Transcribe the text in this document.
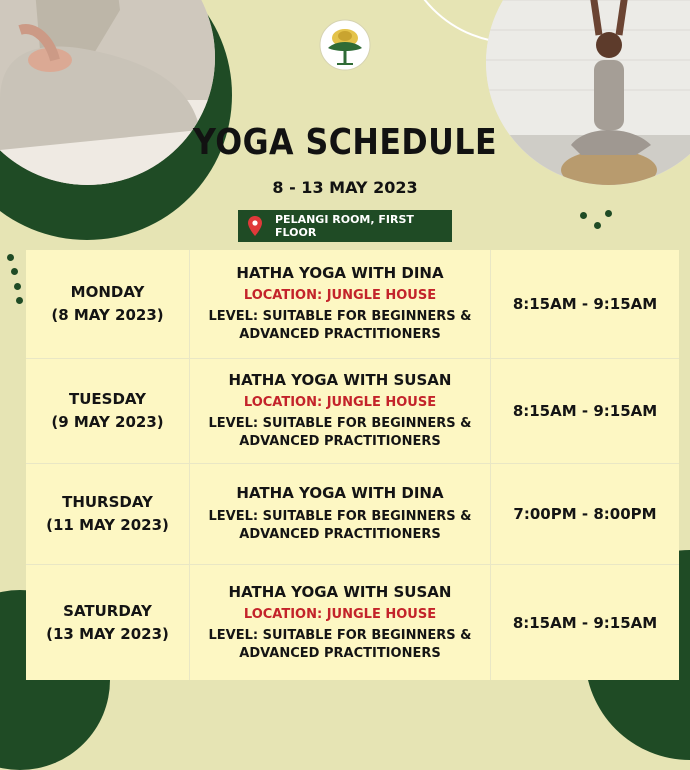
YOGA SCHEDULE
8 - 13 MAY 2023
PELANGI ROOM, FIRST FLOOR
MONDAY
(8 MAY 2023)
HATHA YOGA WITH DINA
LOCATION: JUNGLE HOUSE
LEVEL: SUITABLE FOR BEGINNERS &
ADVANCED PRACTITIONERS
8:15AM - 9:15AM
TUESDAY
(9 MAY 2023)
HATHA YOGA WITH SUSAN
LOCATION: JUNGLE HOUSE
LEVEL: SUITABLE FOR BEGINNERS &
ADVANCED PRACTITIONERS
8:15AM - 9:15AM
THURSDAY
(11 MAY 2023)
HATHA YOGA WITH DINA
LEVEL: SUITABLE FOR BEGINNERS &
ADVANCED PRACTITIONERS
7:00PM - 8:00PM
SATURDAY
(13 MAY 2023)
HATHA YOGA WITH SUSAN
LOCATION: JUNGLE HOUSE
LEVEL: SUITABLE FOR BEGINNERS &
ADVANCED PRACTITIONERS
8:15AM - 9:15AM
